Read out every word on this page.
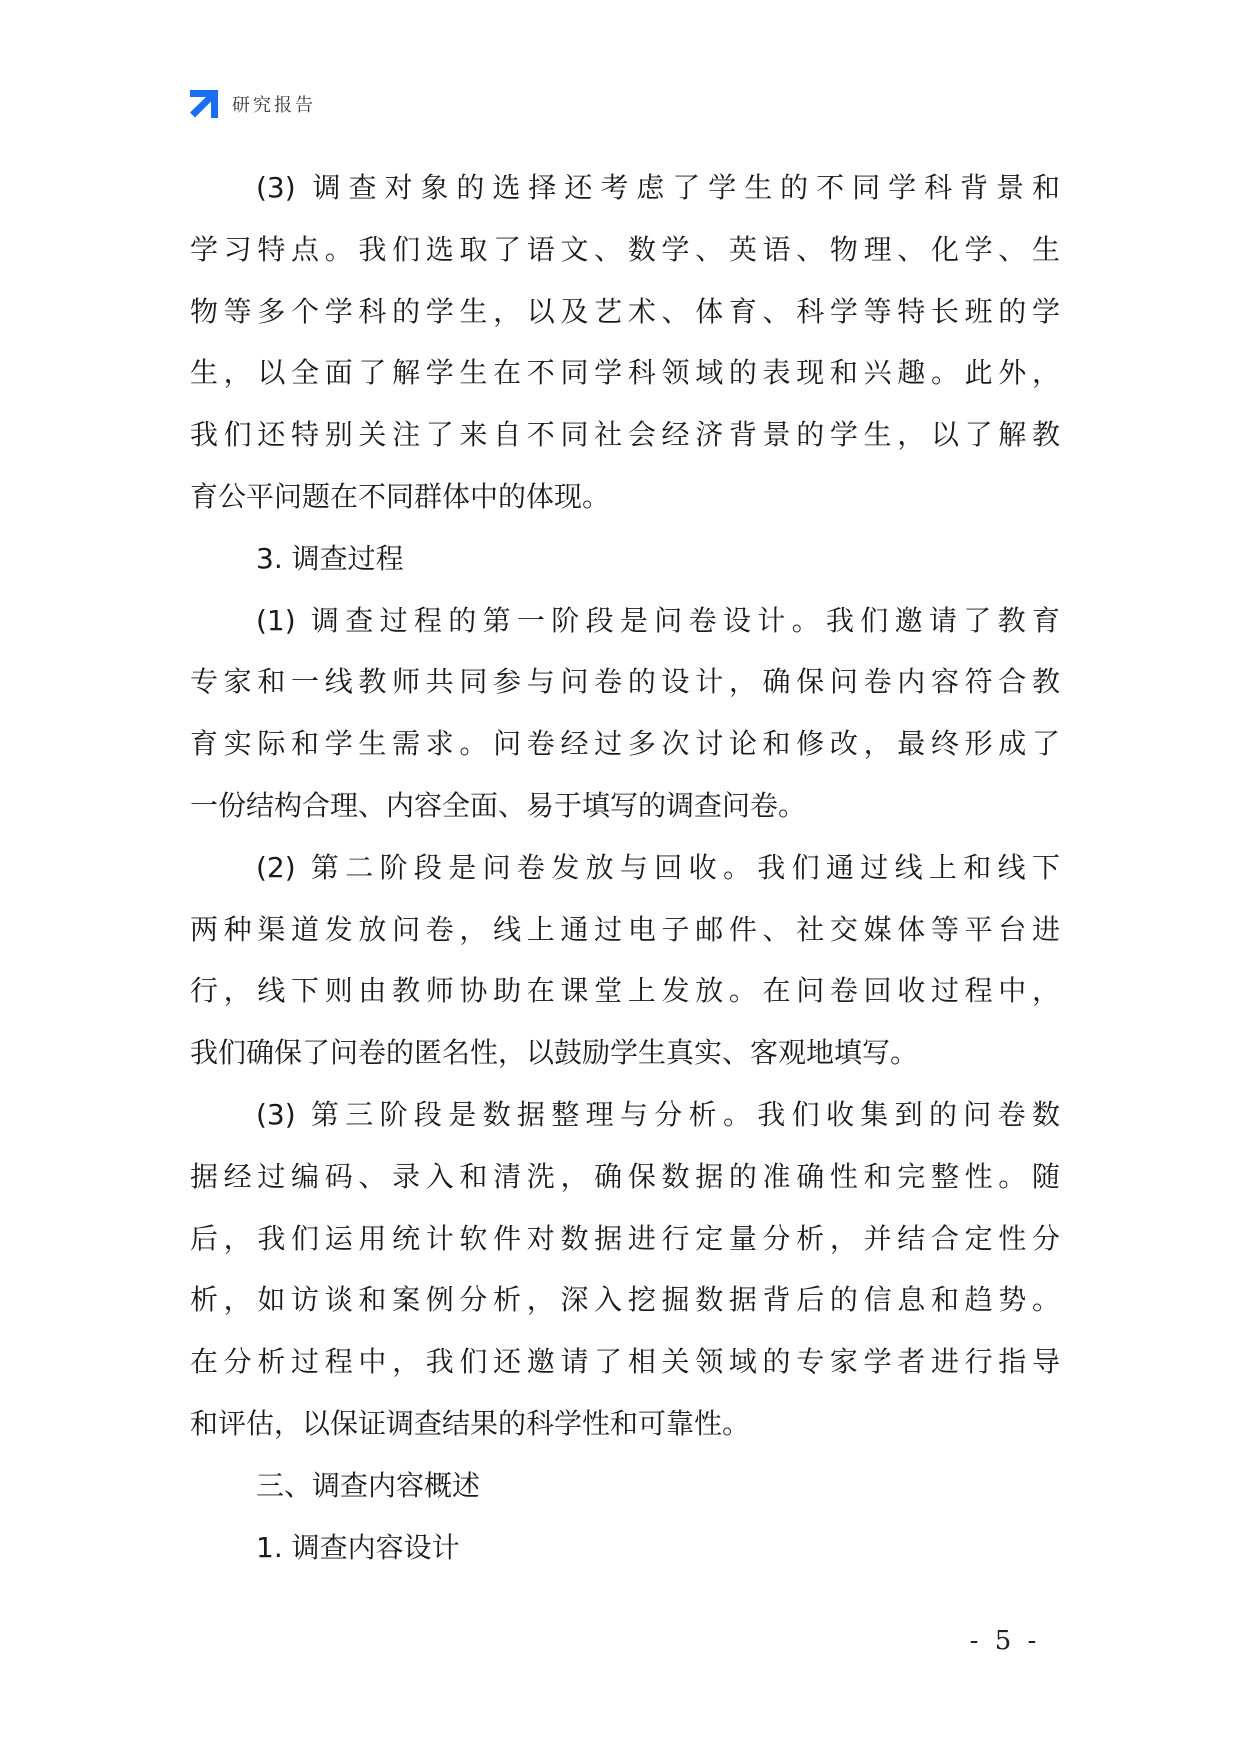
研究报告
(3) 调查对象的选择还考虑了学生的不同学科背景和
学习特点。我们选取了语文、数学、英语、物理、化学、生
物等多个学科的学生，以及艺术、体育、科学等特长班的学
生，以全面了解学生在不同学科领域的表现和兴趣。此外，
我们还特别关注了来自不同社会经济背景的学生，以了解教
育公平问题在不同群体中的体现。
3. 调查过程
(1) 调查过程的第一阶段是问卷设计。我们邀请了教育
专家和一线教师共同参与问卷的设计，确保问卷内容符合教
育实际和学生需求。问卷经过多次讨论和修改，最终形成了
一份结构合理、内容全面、易于填写的调查问卷。
(2) 第二阶段是问卷发放与回收。我们通过线上和线下
两种渠道发放问卷，线上通过电子邮件、社交媒体等平台进
行，线下则由教师协助在课堂上发放。在问卷回收过程中，
我们确保了问卷的匿名性，以鼓励学生真实、客观地填写。
(3) 第三阶段是数据整理与分析。我们收集到的问卷数
据经过编码、录入和清洗，确保数据的准确性和完整性。随
后，我们运用统计软件对数据进行定量分析，并结合定性分
析，如访谈和案例分析，深入挖掘数据背后的信息和趋势。
在分析过程中，我们还邀请了相关领域的专家学者进行指导
和评估，以保证调查结果的科学性和可靠性。
三、调查内容概述
1. 调查内容设计
- 5 -
